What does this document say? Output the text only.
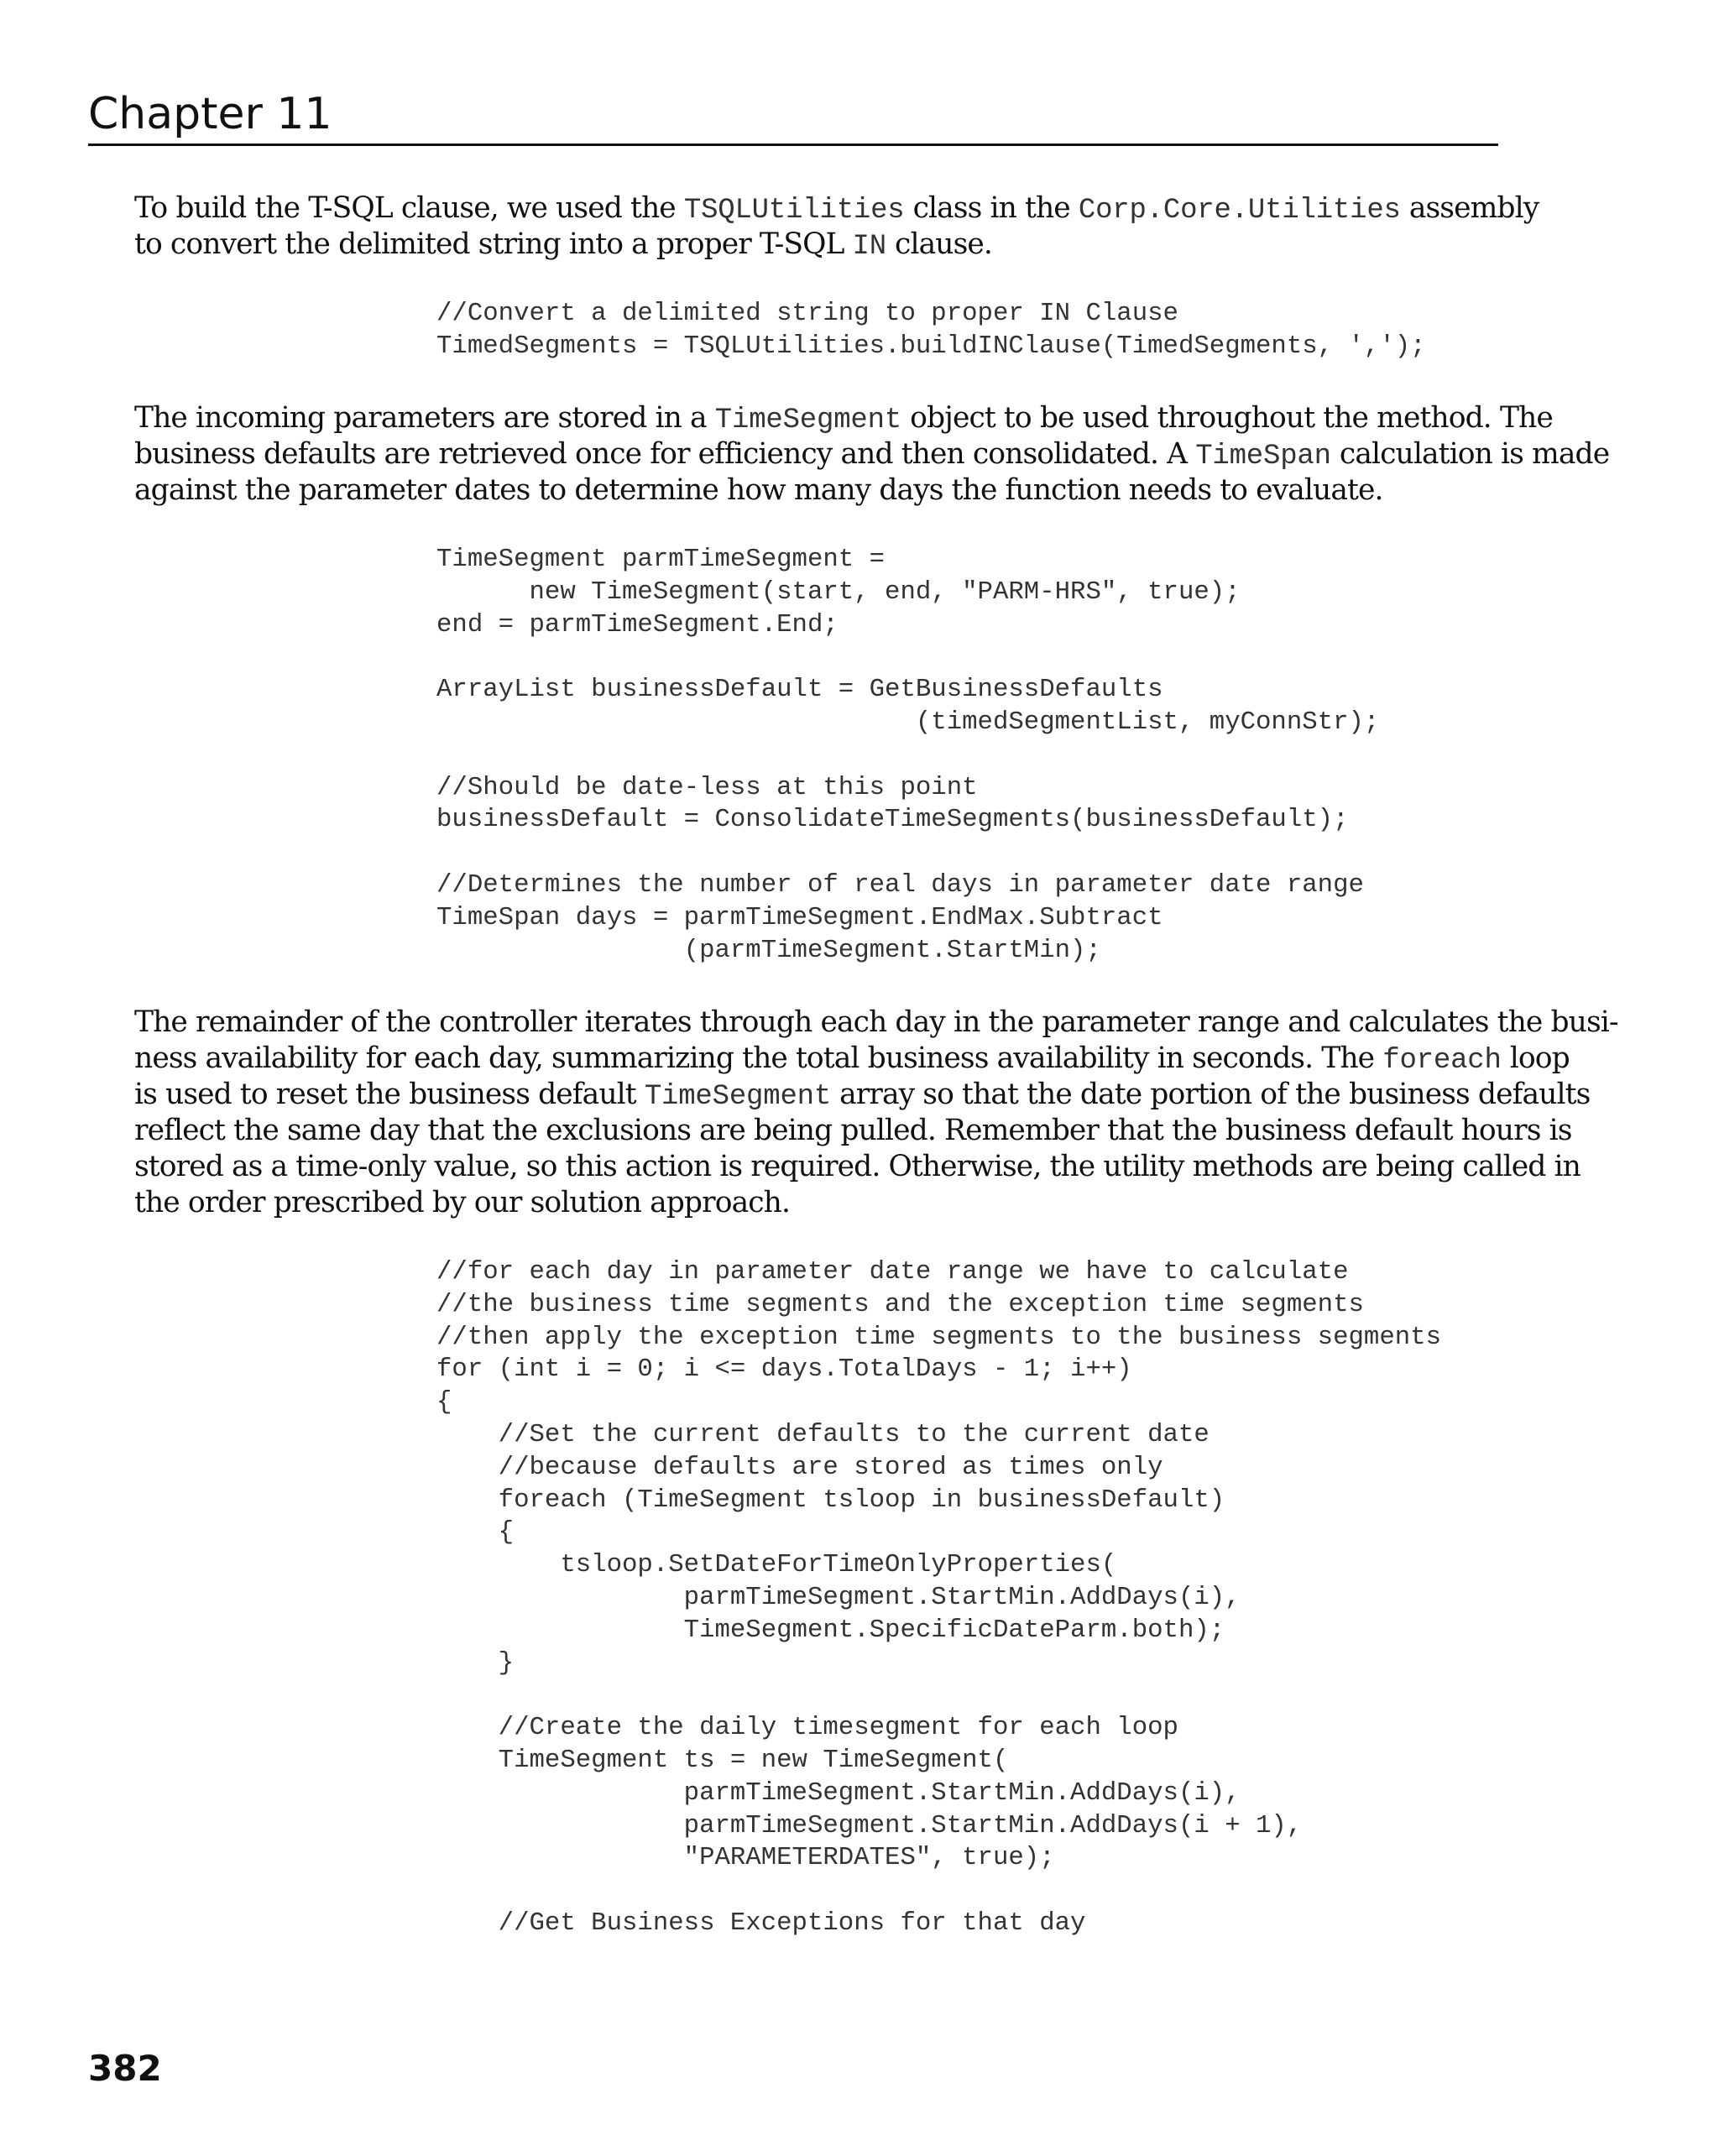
Chapter 11
To build the T-SQL clause, we used the TSQLUtilities class in the Corp.Core.Utilities assembly
to convert the delimited string into a proper T-SQL IN clause.
//Convert a delimited string to proper IN Clause
TimedSegments = TSQLUtilities.buildINClause(TimedSegments, ',');
The incoming parameters are stored in a TimeSegment object to be used throughout the method. The
business defaults are retrieved once for efficiency and then consolidated. A TimeSpan calculation is made
against the parameter dates to determine how many days the function needs to evaluate.
TimeSegment parmTimeSegment =
new TimeSegment(start, end, "PARM-HRS", true);
end = parmTimeSegment.End;
ArrayList businessDefault = GetBusinessDefaults
(timedSegmentList, myConnStr);
//Should be date-less at this point
businessDefault = ConsolidateTimeSegments(businessDefault);
//Determines the number of real days in parameter date range
TimeSpan days = parmTimeSegment.EndMax.Subtract
(parmTimeSegment.StartMin);
The remainder of the controller iterates through each day in the parameter range and calculates the busi-
ness availability for each day, summarizing the total business availability in seconds. The foreach loop
is used to reset the business default TimeSegment array so that the date portion of the business defaults
reflect the same day that the exclusions are being pulled. Remember that the business default hours is
stored as a time-only value, so this action is required. Otherwise, the utility methods are being called in
the order prescribed by our solution approach.
//for each day in parameter date range we have to calculate
//the business time segments and the exception time segments
//then apply the exception time segments to the business segments
for (int i = 0; i <= days.TotalDays - 1; i++)
{
//Set the current defaults to the current date
//because defaults are stored as times only
foreach (TimeSegment tsloop in businessDefault)
{
tsloop.SetDateForTimeOnlyProperties(
parmTimeSegment.StartMin.AddDays(i),
TimeSegment.SpecificDateParm.both);
}
//Create the daily timesegment for each loop
TimeSegment ts = new TimeSegment(
parmTimeSegment.StartMin.AddDays(i),
parmTimeSegment.StartMin.AddDays(i + 1),
"PARAMETERDATES", true);
//Get Business Exceptions for that day
382
